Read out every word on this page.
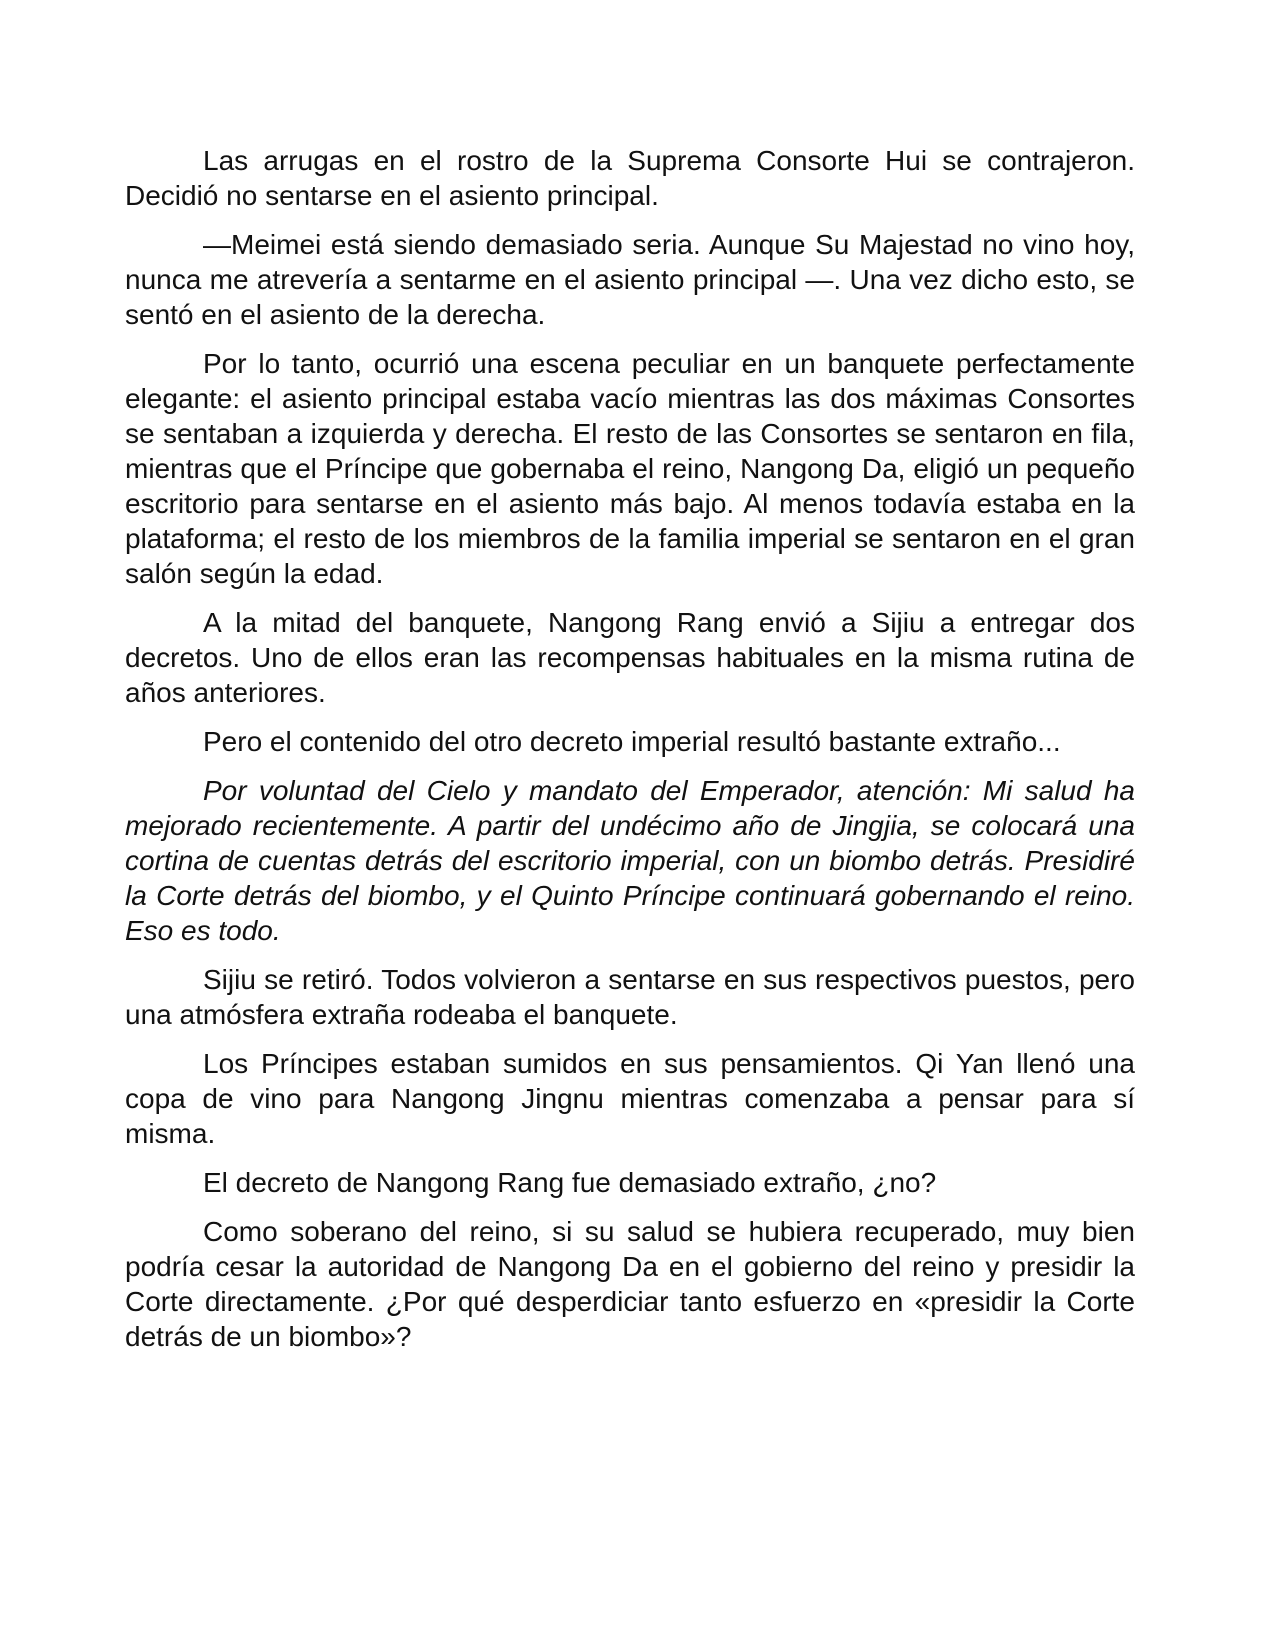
Las arrugas en el rostro de la Suprema Consorte Hui se contrajeron. Decidió no sentarse en el asiento principal.

—Meimei está siendo demasiado seria. Aunque Su Majestad no vino hoy, nunca me atrevería a sentarme en el asiento principal —. Una vez dicho esto, se sentó en el asiento de la derecha.

Por lo tanto, ocurrió una escena peculiar en un banquete perfectamente elegante: el asiento principal estaba vacío mientras las dos máximas Consortes se sentaban a izquierda y derecha. El resto de las Consortes se sentaron en fila, mientras que el Príncipe que gobernaba el reino, Nangong Da, eligió un pequeño escritorio para sentarse en el asiento más bajo. Al menos todavía estaba en la plataforma; el resto de los miembros de la familia imperial se sentaron en el gran salón según la edad.

A la mitad del banquete, Nangong Rang envió a Sijiu a entregar dos decretos. Uno de ellos eran las recompensas habituales en la misma rutina de años anteriores.

Pero el contenido del otro decreto imperial resultó bastante extraño...

Por voluntad del Cielo y mandato del Emperador, atención: Mi salud ha mejorado recientemente. A partir del undécimo año de Jingjia, se colocará una cortina de cuentas detrás del escritorio imperial, con un biombo detrás. Presidiré la Corte detrás del biombo, y el Quinto Príncipe continuará gobernando el reino. Eso es todo.

Sijiu se retiró. Todos volvieron a sentarse en sus respectivos puestos, pero una atmósfera extraña rodeaba el banquete.

Los Príncipes estaban sumidos en sus pensamientos. Qi Yan llenó una copa de vino para Nangong Jingnu mientras comenzaba a pensar para sí misma.

El decreto de Nangong Rang fue demasiado extraño, ¿no?

Como soberano del reino, si su salud se hubiera recuperado, muy bien podría cesar la autoridad de Nangong Da en el gobierno del reino y presidir la Corte directamente. ¿Por qué desperdiciar tanto esfuerzo en «presidir la Corte detrás de un biombo»?
